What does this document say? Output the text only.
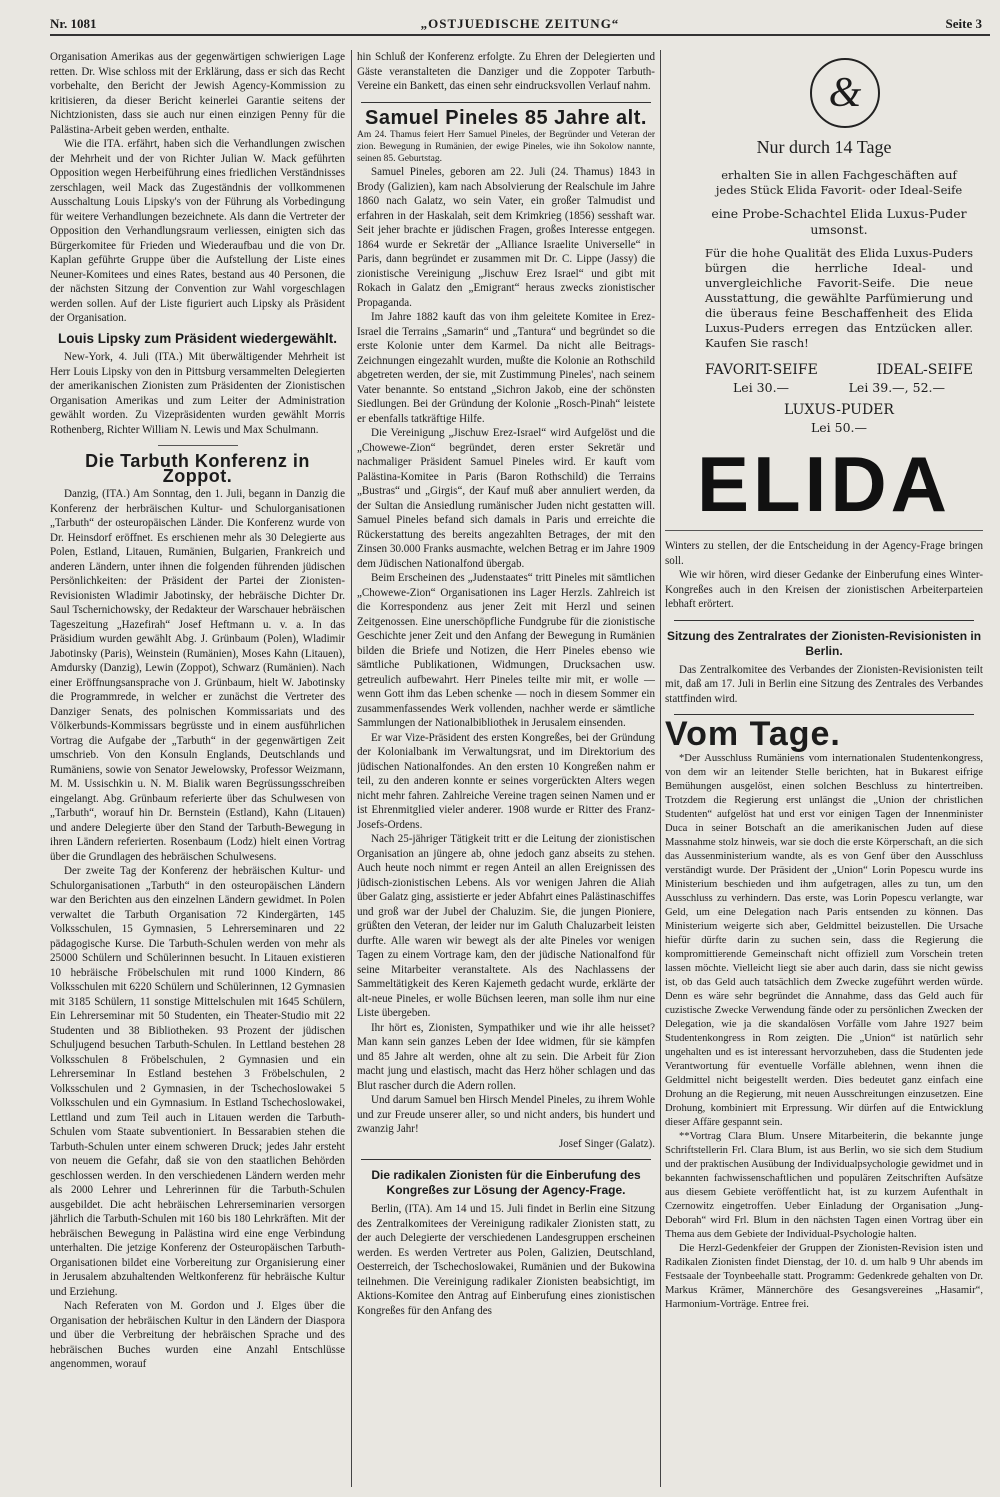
Nr. 1081	„OSTJUEDISCHE ZEITUNG“	Seite 3

Organisation Amerikas aus der gegenwärtigen schwierigen Lage retten. Dr. Wise schloss mit der Erklärung, dass er sich das Recht vorbehalte, den Bericht der Jewish Agency-Kommission zu kritisieren, da dieser Bericht keinerlei Garantie seitens der Nichtzionisten, dass sie auch nur einen einzigen Penny für die Palästina-Arbeit geben werden, enthalte.

Wie die ITA. erfährt, haben sich die Verhandlungen zwischen der Mehrheit und der von Richter Julian W. Mack geführten Opposition wegen Herbeiführung eines friedlichen Verständnisses zerschlagen, weil Mack das Zugeständnis der vollkommenen Ausschaltung Louis Lipsky's von der Führung als Vorbedingung für weitere Verhandlungen bezeichnete. Als dann die Vertreter der Opposition den Verhandlungsraum verliessen, einigten sich das Bürgerkomitee für Frieden und Wiederaufbau und die von Dr. Kaplan geführte Gruppe über die Aufstellung der Liste eines Neuner-Komitees und eines Rates, bestand aus 40 Personen, die der nächsten Sitzung der Convention zur Wahl vorgeschlagen werden sollen. Auf der Liste figuriert auch Lipsky als Präsident der Organisation.

Louis Lipsky zum Präsident wiedergewählt.

New-York, 4. Juli (ITA.) Mit überwältigender Mehrheit ist Herr Louis Lipsky von den in Pittsburg versammelten Delegierten der amerikanischen Zionisten zum Präsidenten der Zionistischen Organisation Amerikas und zum Leiter der Administration gewählt worden. Zu Vizepräsidenten wurden gewählt Morris Rothenberg, Richter William N. Lewis und Max Schulmann.

Die Tarbuth Konferenz in Zoppot.

Danzig, (ITA.) Am Sonntag, den 1. Juli, begann in Danzig die Konferenz der herbräischen Kultur- und Schulorganisationen „Tarbuth“ der osteuropäischen Länder. Die Konferenz wurde von Dr. Heinsdorf eröffnet. Es erschienen mehr als 30 Delegierte aus Polen, Estland, Litauen, Rumänien, Bulgarien, Frankreich und anderen Ländern, unter ihnen die folgenden führenden jüdischen Persönlichkeiten: der Präsident der Partei der Zionisten-Revisionisten Wladimir Jabotinsky, der hebräische Dichter Dr. Saul Tschernichowsky, der Redakteur der Warschauer hebräischen Tageszeitung „Hazefirah“ Josef Heftmann u. v. a. In das Präsidium wurden gewählt Abg. J. Grünbaum (Polen), Wladimir Jabotinsky (Paris), Weinstein (Rumänien), Moses Kahn (Litauen), Amdursky (Danzig), Lewin (Zoppot), Schwarz (Rumänien). Nach einer Eröffnungsansprache von J. Grünbaum, hielt W. Jabotinsky die Programmrede, in welcher er zunächst die Vertreter des Danziger Senats, des polnischen Kommissariats und des Völkerbunds-Kommissars begrüsste und in einem ausführlichen Vortrag die Aufgabe der „Tarbuth“ in der gegenwärtigen Zeit umschrieb. Von den Konsuln Englands, Deutschlands und Rumäniens, sowie von Senator Jewelowsky, Professor Weizmann, M. M. Ussischkin u. N. M. Bialik waren Begrüssungsschreiben eingelangt. Abg. Grünbaum referierte über das Schulwesen von „Tarbuth“, worauf hin Dr. Bernstein (Estland), Kahn (Litauen) und andere Delegierte über den Stand der Tarbuth-Bewegung in ihren Ländern referierten. Rosenbaum (Lodz) hielt einen Vortrag über die Grundlagen des hebräischen Schulwesens.

Der zweite Tag der Konferenz der hebräischen Kultur- und Schulorganisationen „Tarbuth“ in den osteuropäischen Ländern war den Berichten aus den einzelnen Ländern gewidmet. In Polen verwaltet die Tarbuth Organisation 72 Kindergärten, 145 Volksschulen, 15 Gymnasien, 5 Lehrerseminaren und 22 pädagogische Kurse. Die Tarbuth-Schulen werden von mehr als 25000 Schülern und Schülerinnen besucht. In Litauen existieren 10 hebräische Fröbelschulen mit rund 1000 Kindern, 86 Volksschulen mit 6220 Schülern und Schülerinnen, 12 Gymnasien mit 3185 Schülern, 11 sonstige Mittelschulen mit 1645 Schülern, Ein Lehrerseminar mit 50 Studenten, ein Theater-Studio mit 22 Studenten und 38 Bibliotheken. 93 Prozent der jüdischen Schuljugend besuchen Tarbuth-Schulen. In Lettland bestehen 28 Volksschulen 8 Fröbelschulen, 2 Gymnasien und ein Lehrerseminar In Estland bestehen 3 Fröbelschulen, 2 Volksschulen und 2 Gymnasien, in der Tschechoslowakei 5 Volksschulen und ein Gymnasium. In Estland Tschechoslowakei, Lettland und zum Teil auch in Litauen werden die Tarbuth-Schulen vom Staate subventioniert. In Bessarabien stehen die Tarbuth-Schulen unter einem schweren Druck; jedes Jahr ersteht von neuem die Gefahr, daß sie von den staatlichen Behörden geschlossen werden. In den verschiedenen Ländern werden mehr als 2000 Lehrer und Lehrerinnen für die Tarbuth-Schulen ausgebildet. Die acht hebräischen Lehrerseminarien versorgen jährlich die Tarbuth-Schulen mit 160 bis 180 Lehrkräften. Mit der hebräischen Bewegung in Palästina wird eine enge Verbindung unterhalten. Die jetzige Konferenz der Osteuropäischen Tarbuth-Organisationen bildet eine Vorbereitung zur Organisierung einer in Jerusalem abzuhaltenden Weltkonferenz für hebräische Kultur und Erziehung.

Nach Referaten von M. Gordon und J. Elges über die Organisation der hebräischen Kultur in den Ländern der Diaspora und über die Verbreitung der hebräischen Sprache und des hebräischen Buches wurden eine Anzahl Entschlüsse angenommen, worauf

hin Schluß der Konferenz erfolgte. Zu Ehren der Delegierten und Gäste veranstalteten die Danziger und die Zoppoter Tarbuth-Vereine ein Bankett, das einen sehr eindrucksvollen Verlauf nahm.

Samuel Pineles 85 Jahre alt.

Am 24. Thamus feiert Herr Samuel Pineles, der Begründer und Veteran der zion. Bewegung in Rumänien, der ewige Pineles, wie ihn Sokolow nannte, seinen 85. Geburtstag.

Samuel Pineles, geboren am 22. Juli (24. Thamus) 1843 in Brody (Galizien), kam nach Absolvierung der Realschule im Jahre 1860 nach Galatz, wo sein Vater, ein großer Talmudist und erfahren in der Haskalah, seit dem Krimkrieg (1856) sesshaft war. Seit jeher brachte er jüdischen Fragen, großes Interesse entgegen. 1864 wurde er Sekretär der „Alliance Israelite Universelle“ in Paris, dann begründet er zusammen mit Dr. C. Lippe (Jassy) die zionistische Vereinigung „Jischuw Erez Israel“ und gibt mit Rokach in Galatz den „Emigrant“ heraus zwecks zionistischer Propaganda.

Im Jahre 1882 kauft das von ihm geleitete Komitee in Erez-Israel die Terrains „Samarin“ und „Tantura“ und begründet so die erste Kolonie unter dem Karmel. Da nicht alle Beitrags-Zeichnungen eingezahlt wurden, mußte die Kolonie an Rothschild abgetreten werden, der sie, mit Zustimmung Pineles', nach seinem Vater benannte. So entstand „Sichron Jakob, eine der schönsten Siedlungen. Bei der Gründung der Kolonie „Rosch-Pinah“ leistete er ebenfalls tatkräftige Hilfe.

Die Vereinigung „Jischuw Erez-Israel“ wird Aufgelöst und die „Chowewe-Zion“ begründet, deren erster Sekretär und nachmaliger Präsident Samuel Pineles wird. Er kauft vom Palästina-Komitee in Paris (Baron Rothschild) die Terrains „Bustras“ und „Girgis“, der Kauf muß aber annuliert werden, da der Sultan die Ansiedlung rumänischer Juden nicht gestatten will. Samuel Pineles befand sich damals in Paris und erreichte die Rückerstattung des bereits angezahlten Betrages, der mit den Zinsen 30.000 Franks ausmachte, welchen Betrag er im Jahre 1909 dem Jüdischen Nationalfond übergab.

Beim Erscheinen des „Judenstaates“ tritt Pineles mit sämtlichen „Chowewe-Zion“ Organisationen ins Lager Herzls. Zahlreich ist die Korrespondenz aus jener Zeit mit Herzl und seinen Zeitgenossen. Eine unerschöpfliche Fundgrube für die zionistische Geschichte jener Zeit und den Anfang der Bewegung in Rumänien bilden die Briefe und Notizen, die Herr Pineles ebenso wie sämtliche Publikationen, Widmungen, Drucksachen usw. getreulich aufbewahrt. Herr Pineles teilte mir mit, er wolle — wenn Gott ihm das Leben schenke — noch in diesem Sommer ein zusammenfassendes Werk vollenden, nachher werde er sämtliche Sammlungen der Nationalbibliothek in Jerusalem einsenden.

Er war Vize-Präsident des ersten Kongreßes, bei der Gründung der Kolonialbank im Verwaltungsrat, und im Direktorium des jüdischen Nationalfondes. An den ersten 10 Kongreßen nahm er teil, zu den anderen konnte er seines vorgerückten Alters wegen nicht mehr fahren. Zahlreiche Vereine tragen seinen Namen und er ist Ehrenmitglied vieler anderer. 1908 wurde er Ritter des Franz-Josefs-Ordens.

Nach 25-jähriger Tätigkeit tritt er die Leitung der zionistischen Organisation an jüngere ab, ohne jedoch ganz abseits zu stehen. Auch heute noch nimmt er regen Anteil an allen Ereignissen des jüdisch-zionistischen Lebens. Als vor wenigen Jahren die Aliah über Galatz ging, assistierte er jeder Abfahrt eines Palästinaschiffes und groß war der Jubel der Chaluzim. Sie, die jungen Pioniere, grüßten den Veteran, der leider nur im Galuth Chaluzarbeit leisten durfte. Alle waren wir bewegt als der alte Pineles vor wenigen Tagen zu einem Vortrage kam, den der jüdische Nationalfond für seine Mitarbeiter veranstaltete. Als des Nachlassens der Sammeltätigkeit des Keren Kajemeth gedacht wurde, erklärte der alt-neue Pineles, er wolle Büchsen leeren, man solle ihm nur eine Liste übergeben.

Ihr hört es, Zionisten, Sympathiker und wie ihr alle heisset? Man kann sein ganzes Leben der Idee widmen, für sie kämpfen und 85 Jahre alt werden, ohne alt zu sein. Die Arbeit für Zion macht jung und elastisch, macht das Herz höher schlagen und das Blut rascher durch die Adern rollen.

Und darum Samuel ben Hirsch Mendel Pineles, zu ihrem Wohle und zur Freude unserer aller, so und nicht anders, bis hundert und zwanzig Jahr!

Josef Singer (Galatz).

Die radikalen Zionisten für die Einberufung des Kongreßes zur Lösung der Agency-Frage.

Berlin, (ITA). Am 14 und 15. Juli findet in Berlin eine Sitzung des Zentralkomitees der Vereinigung radikaler Zionisten statt, zu der auch Delegierte der verschiedenen Landesgruppen erscheinen werden. Es werden Vertreter aus Polen, Galizien, Deutschland, Oesterreich, der Tschechoslowakei, Rumänien und der Bukowina teilnehmen. Die Vereinigung radikaler Zionisten beabsichtigt, im Aktions-Komitee den Antrag auf Einberufung eines zionistischen Kongreßes für den Anfang des

&
Nur durch 14 Tage
erhalten Sie in allen Fachgeschäften auf jedes Stück Elida Favorit- oder Ideal-Seife
eine Probe-Schachtel Elida Luxus-Puder umsonst.
Für die hohe Qualität des Elida Luxus-Puders bürgen die herrliche Ideal- und unvergleichliche Favorit-Seife. Die neue Ausstattung, die gewählte Parfümierung und die überaus feine Beschaffenheit des Elida Luxus-Puders erregen das Entzücken aller. Kaufen Sie rasch!
FAVORIT-SEIFE	IDEAL-SEIFE
Lei 30.—	Lei 39.—, 52.—
LUXUS-PUDER
Lei 50.—
ELIDA

Winters zu stellen, der die Entscheidung in der Agency-Frage bringen soll.

Wie wir hören, wird dieser Gedanke der Einberufung eines Winter-Kongreßes auch in den Kreisen der zionistischen Arbeiterparteien lebhaft erörtert.

Sitzung des Zentralrates der Zionisten-Revisionisten in Berlin.

Das Zentralkomitee des Verbandes der Zionisten-Revisionisten teilt mit, daß am 17. Juli in Berlin eine Sitzung des Zentrales des Verbandes stattfinden wird.

Vom Tage.

*Der Ausschluss Rumäniens vom internationalen Studentenkongress, von dem wir an leitender Stelle berichten, hat in Bukarest eifrige Bemühungen ausgelöst, einen solchen Beschluss zu hintertreiben. Trotzdem die Regierung erst unlängst die „Union der christlichen Studenten“ aufgelöst hat und erst vor einigen Tagen der Innenminister Duca in seiner Botschaft an die amerikanischen Juden auf diese Massnahme stolz hinweis, war sie doch die erste Körperschaft, an die sich das Aussenministerium wandte, als es von Genf über den Ausschluss verständigt wurde. Der Präsident der „Union“ Lorin Popescu wurde ins Ministerium beschieden und ihm aufgetragen, alles zu tun, um den Ausschluss zu verhindern. Das erste, was Lorin Popescu verlangte, war Geld, um eine Delegation nach Paris entsenden zu können. Das Ministerium weigerte sich aber, Geldmittel beizustellen. Die Ursache hiefür dürfte darin zu suchen sein, dass die Regierung die kompromittierende Gemeinschaft nicht offiziell zum Vorschein treten lassen möchte. Vielleicht liegt sie aber auch darin, dass sie nicht gewiss ist, ob das Geld auch tatsächlich dem Zwecke zugeführt werden würde. Denn es wäre sehr begründet die Annahme, dass das Geld auch für cuzistische Zwecke Verwendung fände oder zu persönlichen Zwecken der Delegation, wie ja die skandalösen Vorfälle vom Jahre 1927 beim Studentenkongress in Rom zeigten. Die „Union“ ist natürlich sehr ungehalten und es ist interessant hervorzuheben, dass die Studenten jede Verantwortung für eventuelle Vorfälle ablehnen, wenn ihnen die Geldmittel nicht beigestellt werden. Dies bedeutet ganz einfach eine Drohung an die Regierung, mit neuen Ausschreitungen einzusetzen. Eine Drohung, kombiniert mit Erpressung. Wir dürfen auf die Entwicklung dieser Affäre gespannt sein.

**Vortrag Clara Blum. Unsere Mitarbeiterin, die bekannte junge Schriftstellerin Frl. Clara Blum, ist aus Berlin, wo sie sich dem Studium und der praktischen Ausübung der Individualpsychologie gewidmet und in bekannten fachwissenschaftlichen und populären Zeitschriften Aufsätze aus diesem Gebiete veröffentlicht hat, ist zu kurzem Aufenthalt in Czernowitz eingetroffen. Ueber Einladung der Organisation „Jung-Deborah“ wird Frl. Blum in den nächsten Tagen einen Vortrag über ein Thema aus dem Gebiete der Individual-Psychologie halten.

Die Herzl-Gedenkfeier der Gruppen der Zionisten-Revision isten und Radikalen Zionisten findet Dienstag, der 10. d. um halb 9 Uhr abends im Festsaale der Toynbeehalle statt. Programm: Gedenkrede gehalten von Dr. Markus Krämer, Männerchöre des Gesangsvereines „Hasamir“, Harmonium-Vorträge. Entree frei.
